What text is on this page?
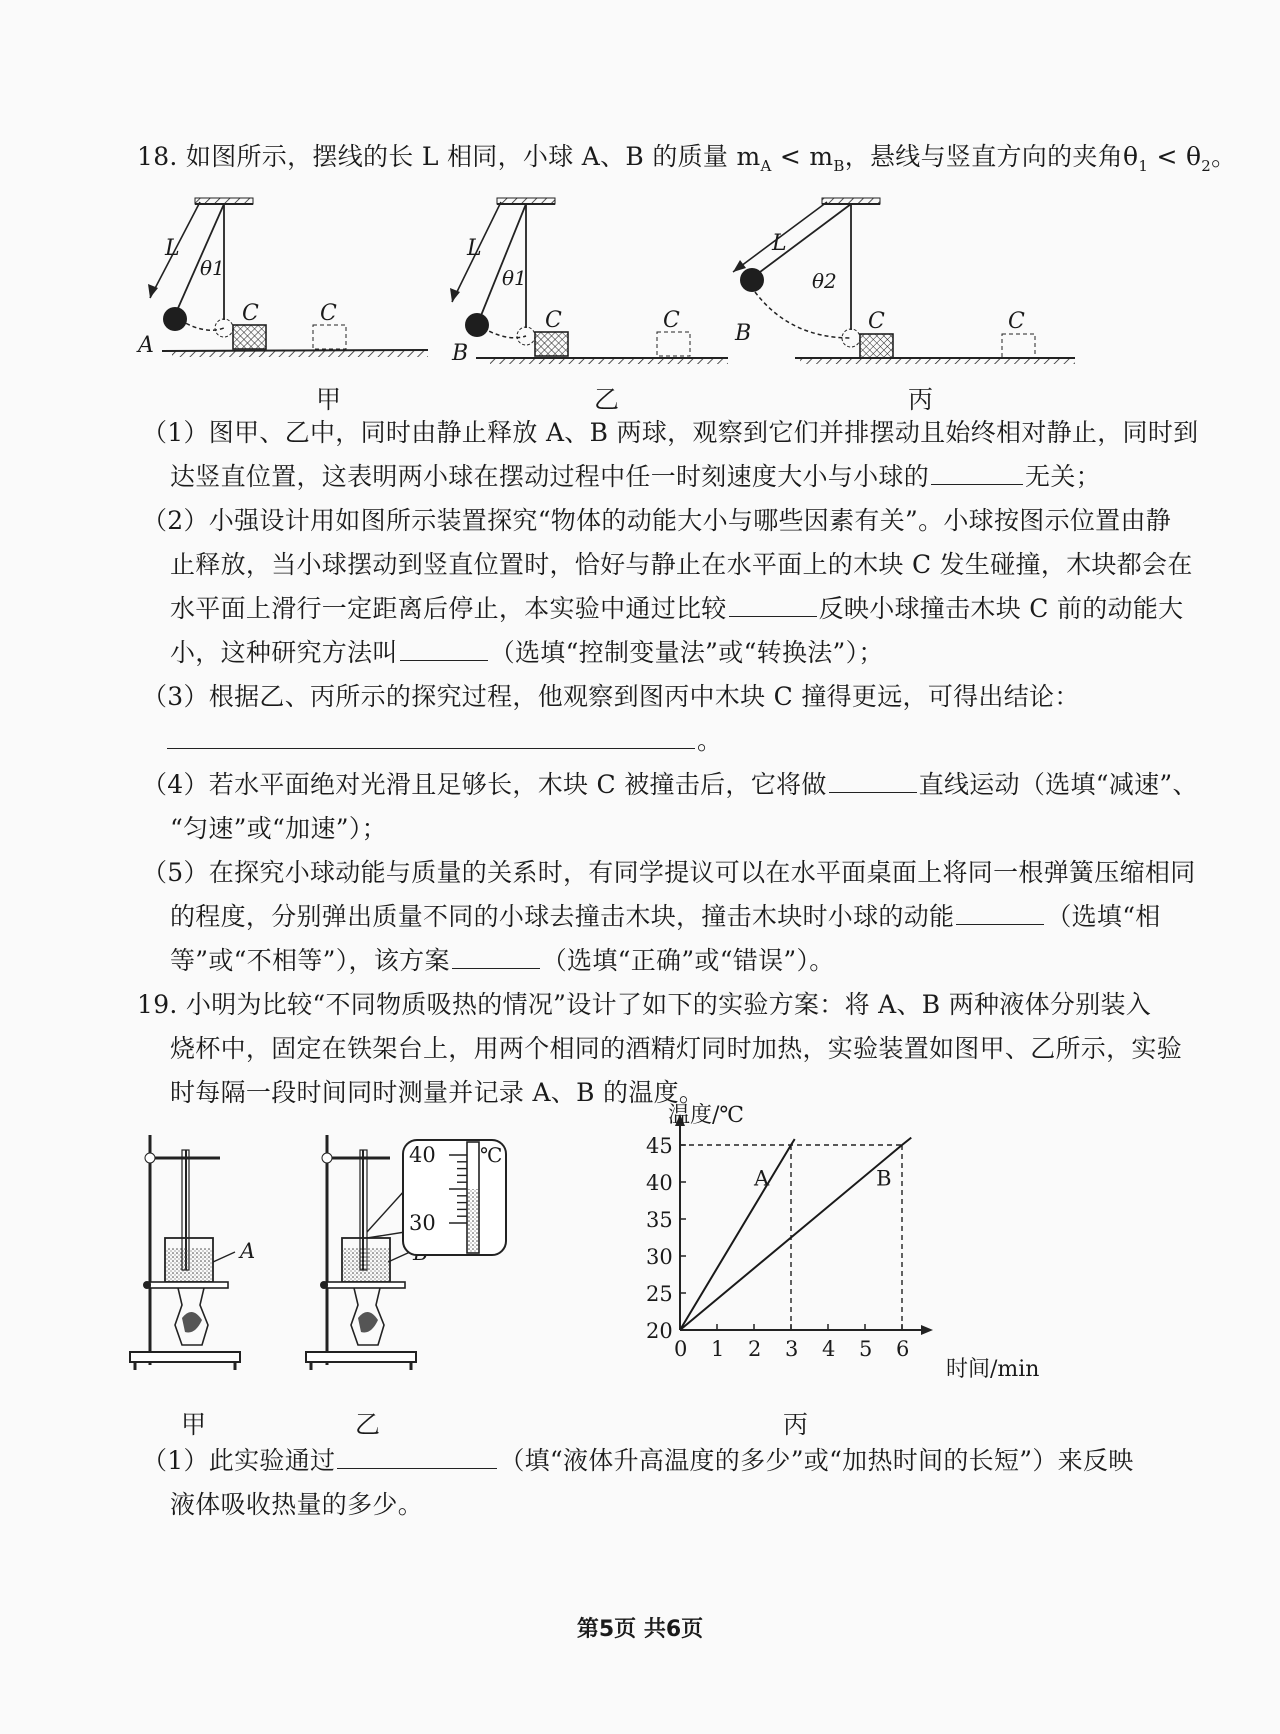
18. 如图所示，摆线的长 L 相同，小球 A、B 的质量 $m_A < m_B$，悬线与竖直方向的夹角$\theta_1 < \theta_2$。
L
θ1
C	C
A
L
θ1
C	C
B
L
θ2
C	C
B
甲	乙	丙
（1）图甲、乙中，同时由静止释放 A、B 两球，观察到它们并排摆动且始终相对静止，同时到
达竖直位置，这表明两小球在摆动过程中任一时刻速度大小与小球的	无关；
（2）小强设计用如图所示装置探究“物体的动能大小与哪些因素有关”。小球按图示位置由静
止释放，当小球摆动到竖直位置时，恰好与静止在水平面上的木块 C 发生碰撞，木块都会在
水平面上滑行一定距离后停止，本实验中通过比较	反映小球撞击木块 C 前的动能大
小，这种研究方法叫	（选填“控制变量法”或“转换法”）；
（3）根据乙、丙所示的探究过程，他观察到图丙中木块 C 撞得更远，可得出结论：
。
（4）若水平面绝对光滑且足够长，木块 C 被撞击后，它将做	直线运动（选填“减速”、
“匀速”或“加速”）；
（5）在探究小球动能与质量的关系时，有同学提议可以在水平面桌面上将同一根弹簧压缩相同
的程度，分别弹出质量不同的小球去撞击木块，撞击木块时小球的动能	（选填“相
等”或“不相等”），该方案	（选填“正确”或“错误”）。
19. 小明为比较“不同物质吸热的情况”设计了如下的实验方案：将 A、B 两种液体分别装入
烧杯中，固定在铁架台上，用两个相同的酒精灯同时加热，实验装置如图甲、乙所示，实验
时每隔一段时间同时测量并记录 A、B 的温度。
A
40
30
℃
A	B
0 1 2 3 4 5 6
20
25
30
35
40
45
温度/℃
时间/min
甲	乙	丙
（1）此实验通过	（填“液体升高温度的多少”或“加热时间的长短”）来反映
液体吸收热量的多少。
第5页 共6页
